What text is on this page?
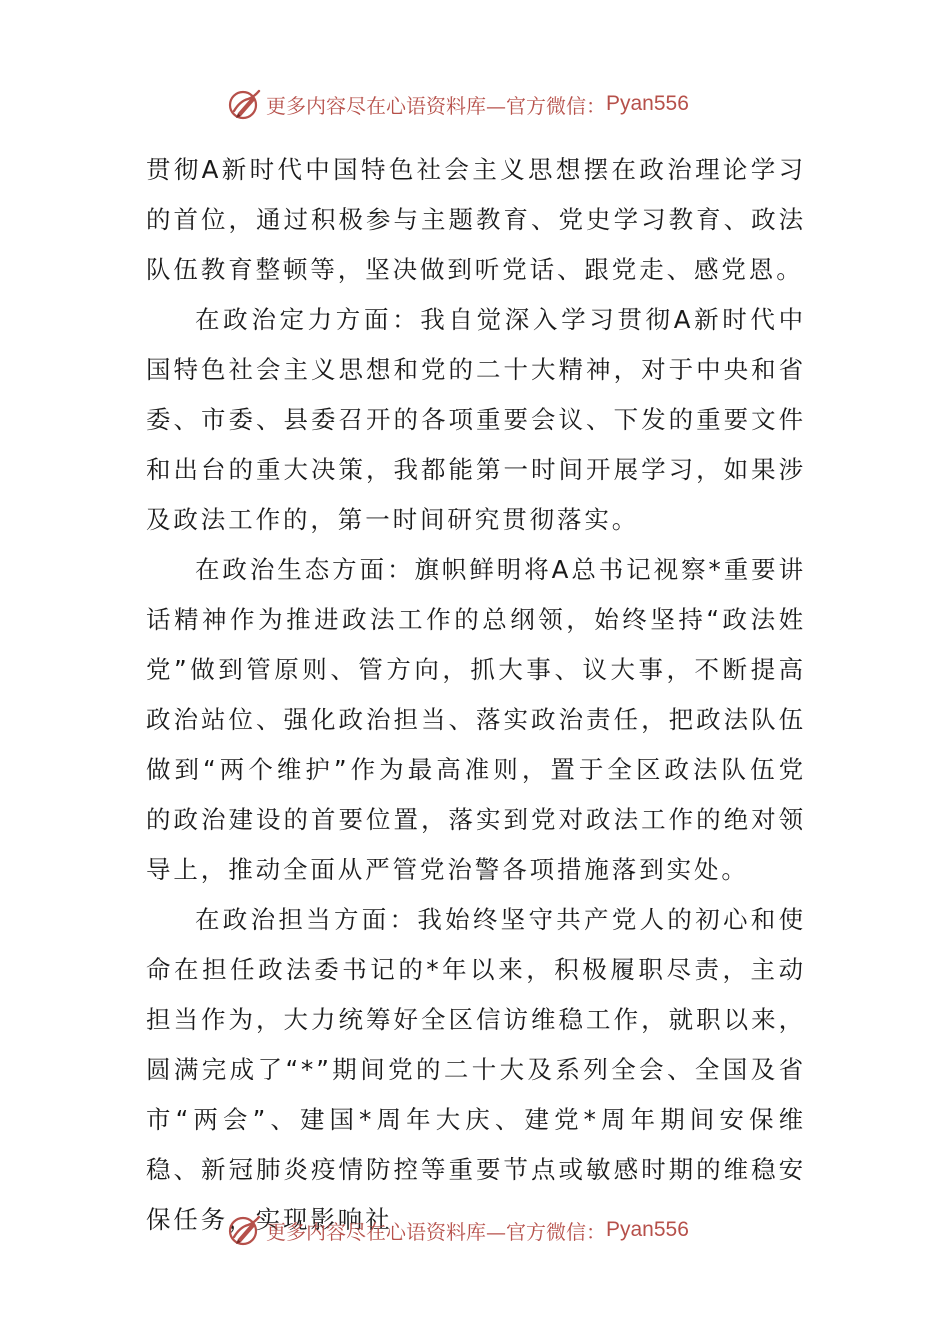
更多内容尽在心语资料库—官方微信： Pyan556

贯彻A新时代中国特色社会主义思想摆在政治理论学习的首位，通过积极参与主题教育、党史学习教育、政法队伍教育整顿等，坚决做到听党话、跟党走、感党恩。

在政治定力方面：我自觉深入学习贯彻A新时代中国特色社会主义思想和党的二十大精神，对于中央和省委、市委、县委召开的各项重要会议、下发的重要文件和出台的重大决策，我都能第一时间开展学习，如果涉及政法工作的，第一时间研究贯彻落实。

在政治生态方面：旗帜鲜明将A总书记视察*重要讲话精神作为推进政法工作的总纲领，始终坚持“政法姓党”做到管原则、管方向，抓大事、议大事，不断提高政治站位、强化政治担当、落实政治责任，把政法队伍做到“两个维护”作为最高准则，置于全区政法队伍党的政治建设的首要位置，落实到党对政法工作的绝对领导上，推动全面从严管党治警各项措施落到实处。

在政治担当方面：我始终坚守共产党人的初心和使命在担任政法委书记的*年以来，积极履职尽责，主动担当作为，大力统筹好全区信访维稳工作，就职以来，圆满完成了“*”期间党的二十大及系列全会、全国及省市“两会”、建国*周年大庆、建党*周年期间安保维稳、新冠肺炎疫情防控等重要节点或敏感时期的维稳安保任务，实现影响社

更多内容尽在心语资料库—官方微信： Pyan556
